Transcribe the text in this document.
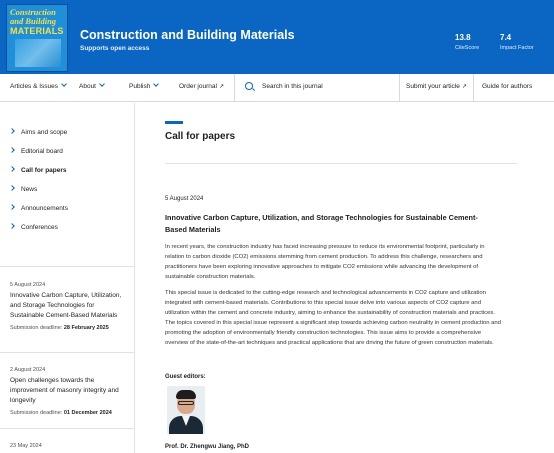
Construction and Building
MATERIALS Construction and Building Materials
Supports open access
13.8
CiteScore
7.4
Impact Factor
Articles & Issues	About	Publish	Order journal ↗	Submit your article ↗ Guide for authors
Search in this journal
Aims and scope
Editorial board
Call for papers
News
Announcements
Conferences
5 August 2024
Innovative Carbon Capture, Utilization, and Storage Technologies for Sustainable Cement-Based Materials
Submission deadline: 28 February 2025
2 August 2024
Open challenges towards the improvement of masonry integrity and longevity
Submission deadline: 01 December 2024
23 May 2024
Call for papers
5 August 2024
Innovative Carbon Capture, Utilization, and Storage Technologies for Sustainable Cement-Based Materials
In recent years, the construction industry has faced increasing pressure to reduce its environmental footprint, particularly in relation to carbon dioxide (CO2) emissions stemming from cement production. To address this challenge, researchers and practitioners have been exploring innovative approaches to mitigate CO2 emissions while advancing the development of sustainable construction materials.
This special issue is dedicated to the cutting-edge research and technological advancements in CO2 capture and utilization integrated with cement-based materials. Contributions to this special issue delve into various aspects of CO2 capture and utilization within the cement and concrete industry, aiming to enhance the sustainability of construction materials and practices. The topics covered in this special issue represent a significant step towards achieving carbon neutrality in cement production and promoting the adoption of environmentally friendly construction technologies. This issue aims to provide a comprehensive overview of the state-of-the-art techniques and practical applications that are driving the future of green construction materials.
Guest editors:
Prof. Dr. Zhengwu Jiang, PhD
